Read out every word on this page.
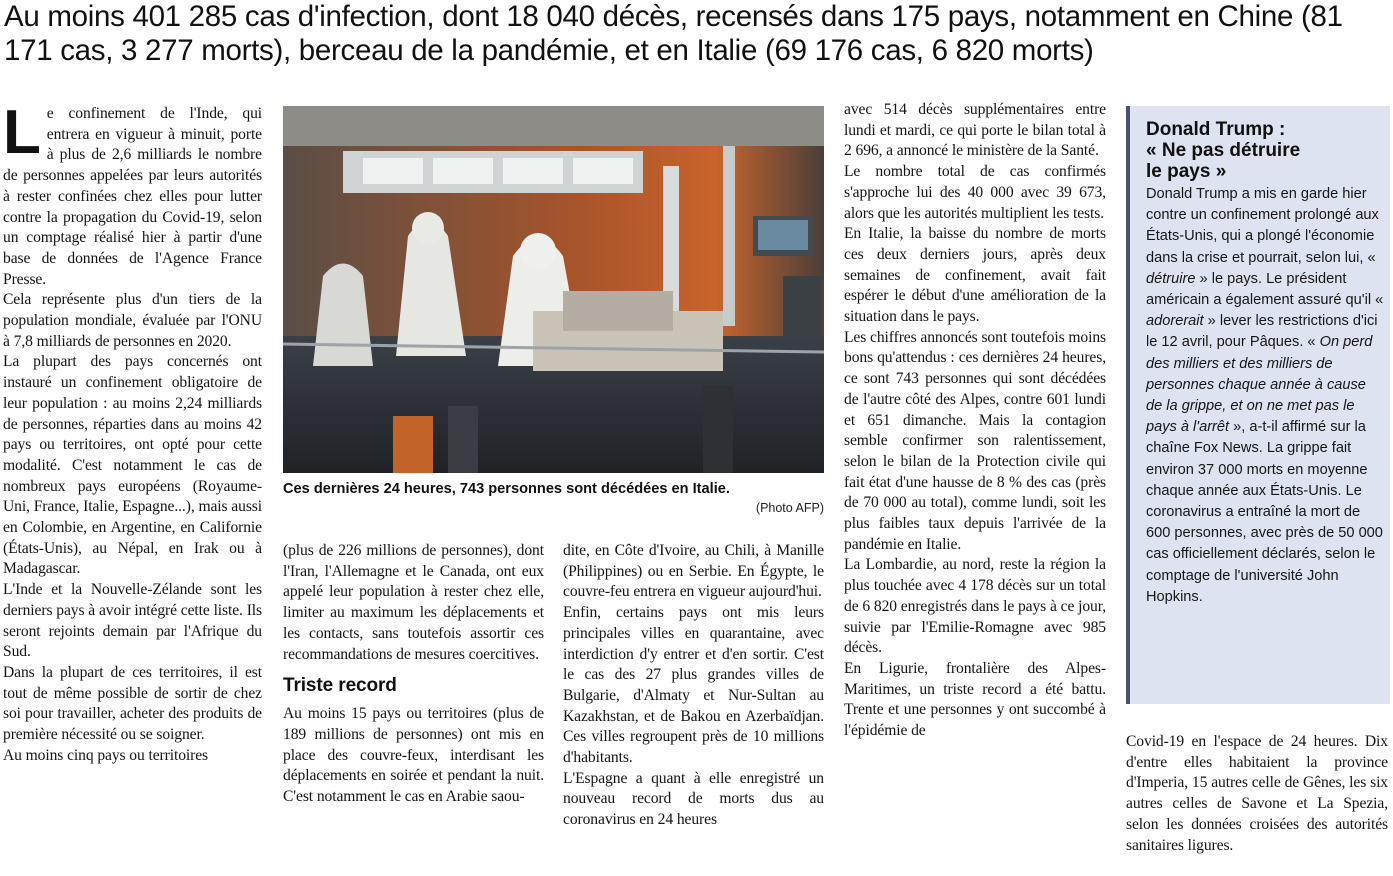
Au moins 401 285 cas d'infection, dont 18 040 décès, recensés dans 175 pays, notamment en Chine (81 171 cas, 3 277 morts), berceau de la pandémie, et en Italie (69 176 cas, 6 820 morts)
L e confinement de l'Inde, qui entrera en vigueur à minuit, porte à plus de 2,6 milliards le nombre de personnes appelées par leurs autorités à rester confinées chez elles pour lutter contre la propagation du Covid-19, selon un comptage réalisé hier à partir d'une base de données de l'Agence France Presse.

Cela représente plus d'un tiers de la population mondiale, évaluée par l'ONU à 7,8 milliards de personnes en 2020.

La plupart des pays concernés ont instauré un confinement obligatoire de leur population : au moins 2,24 milliards de personnes, réparties dans au moins 42 pays ou territoires, ont opté pour cette modalité. C'est notamment le cas de nombreux pays européens (Royaume-Uni, France, Italie, Espagne...), mais aussi en Colombie, en Argentine, en Californie (États-Unis), au Népal, en Irak ou à Madagascar.

L'Inde et la Nouvelle-Zélande sont les derniers pays à avoir intégré cette liste. Ils seront rejoints demain par l'Afrique du Sud.

Dans la plupart de ces territoires, il est tout de même possible de sortir de chez soi pour travailler, acheter des produits de première nécessité ou se soigner.

Au moins cinq pays ou territoires

Ces dernières 24 heures, 743 personnes sont décédées en Italie.
(Photo AFP)

(plus de 226 millions de personnes), dont l'Iran, l'Allemagne et le Canada, ont eux appelé leur population à rester chez elle, limiter au maximum les déplacements et les contacts, sans toutefois assortir ces recommandations de mesures coercitives.

Triste record

Au moins 15 pays ou territoires (plus de 189 millions de personnes) ont mis en place des couvre-feux, interdisant les déplacements en soirée et pendant la nuit. C'est notamment le cas en Arabie saou-

dite, en Côte d'Ivoire, au Chili, à Manille (Philippines) ou en Serbie. En Égypte, le couvre-feu entrera en vigueur aujourd'hui.

Enfin, certains pays ont mis leurs principales villes en quarantaine, avec interdiction d'y entrer et d'en sortir. C'est le cas des 27 plus grandes villes de Bulgarie, d'Almaty et Nur-Sultan au Kazakhstan, et de Bakou en Azerbaïdjan. Ces villes regroupent près de 10 millions d'habitants.

L'Espagne a quant à elle enregistré un nouveau record de morts dus au coronavirus en 24 heures

avec 514 décès supplémentaires entre lundi et mardi, ce qui porte le bilan total à 2 696, a annoncé le ministère de la Santé.

Le nombre total de cas confirmés s'approche lui des 40 000 avec 39 673, alors que les autorités multiplient les tests.

En Italie, la baisse du nombre de morts ces deux derniers jours, après deux semaines de confinement, avait fait espérer le début d'une amélioration de la situation dans le pays.

Les chiffres annoncés sont toutefois moins bons qu'attendus : ces dernières 24 heures, ce sont 743 personnes qui sont décédées de l'autre côté des Alpes, contre 601 lundi et 651 dimanche. Mais la contagion semble confirmer son ralentissement, selon le bilan de la Protection civile qui fait état d'une hausse de 8 % des cas (près de 70 000 au total), comme lundi, soit les plus faibles taux depuis l'arrivée de la pandémie en Italie.

La Lombardie, au nord, reste la région la plus touchée avec 4 178 décès sur un total de 6 820 enregistrés dans le pays à ce jour, suivie par l'Emilie-Romagne avec 985 décès.

En Ligurie, frontalière des Alpes-Maritimes, un triste record a été battu. Trente et une personnes y ont succombé à l'épidémie de

Donald Trump :
« Ne pas détruire
le pays »

Donald Trump a mis en garde hier contre un confinement prolongé aux États-Unis, qui a plongé l'économie dans la crise et pourrait, selon lui, « détruire » le pays. Le président américain a également assuré qu'il « adorerait » lever les restrictions d'ici le 12 avril, pour Pâques. « On perd des milliers et des milliers de personnes chaque année à cause de la grippe, et on ne met pas le pays à l'arrêt », a-t-il affirmé sur la chaîne Fox News. La grippe fait environ 37 000 morts en moyenne chaque année aux États-Unis. Le coronavirus a entraîné la mort de 600 personnes, avec près de 50 000 cas officiellement déclarés, selon le comptage de l'université John Hopkins.

Covid-19 en l'espace de 24 heures. Dix d'entre elles habitaient la province d'Imperia, 15 autres celle de Gênes, les six autres celles de Savone et La Spezia, selon les données croisées des autorités sanitaires ligures.
